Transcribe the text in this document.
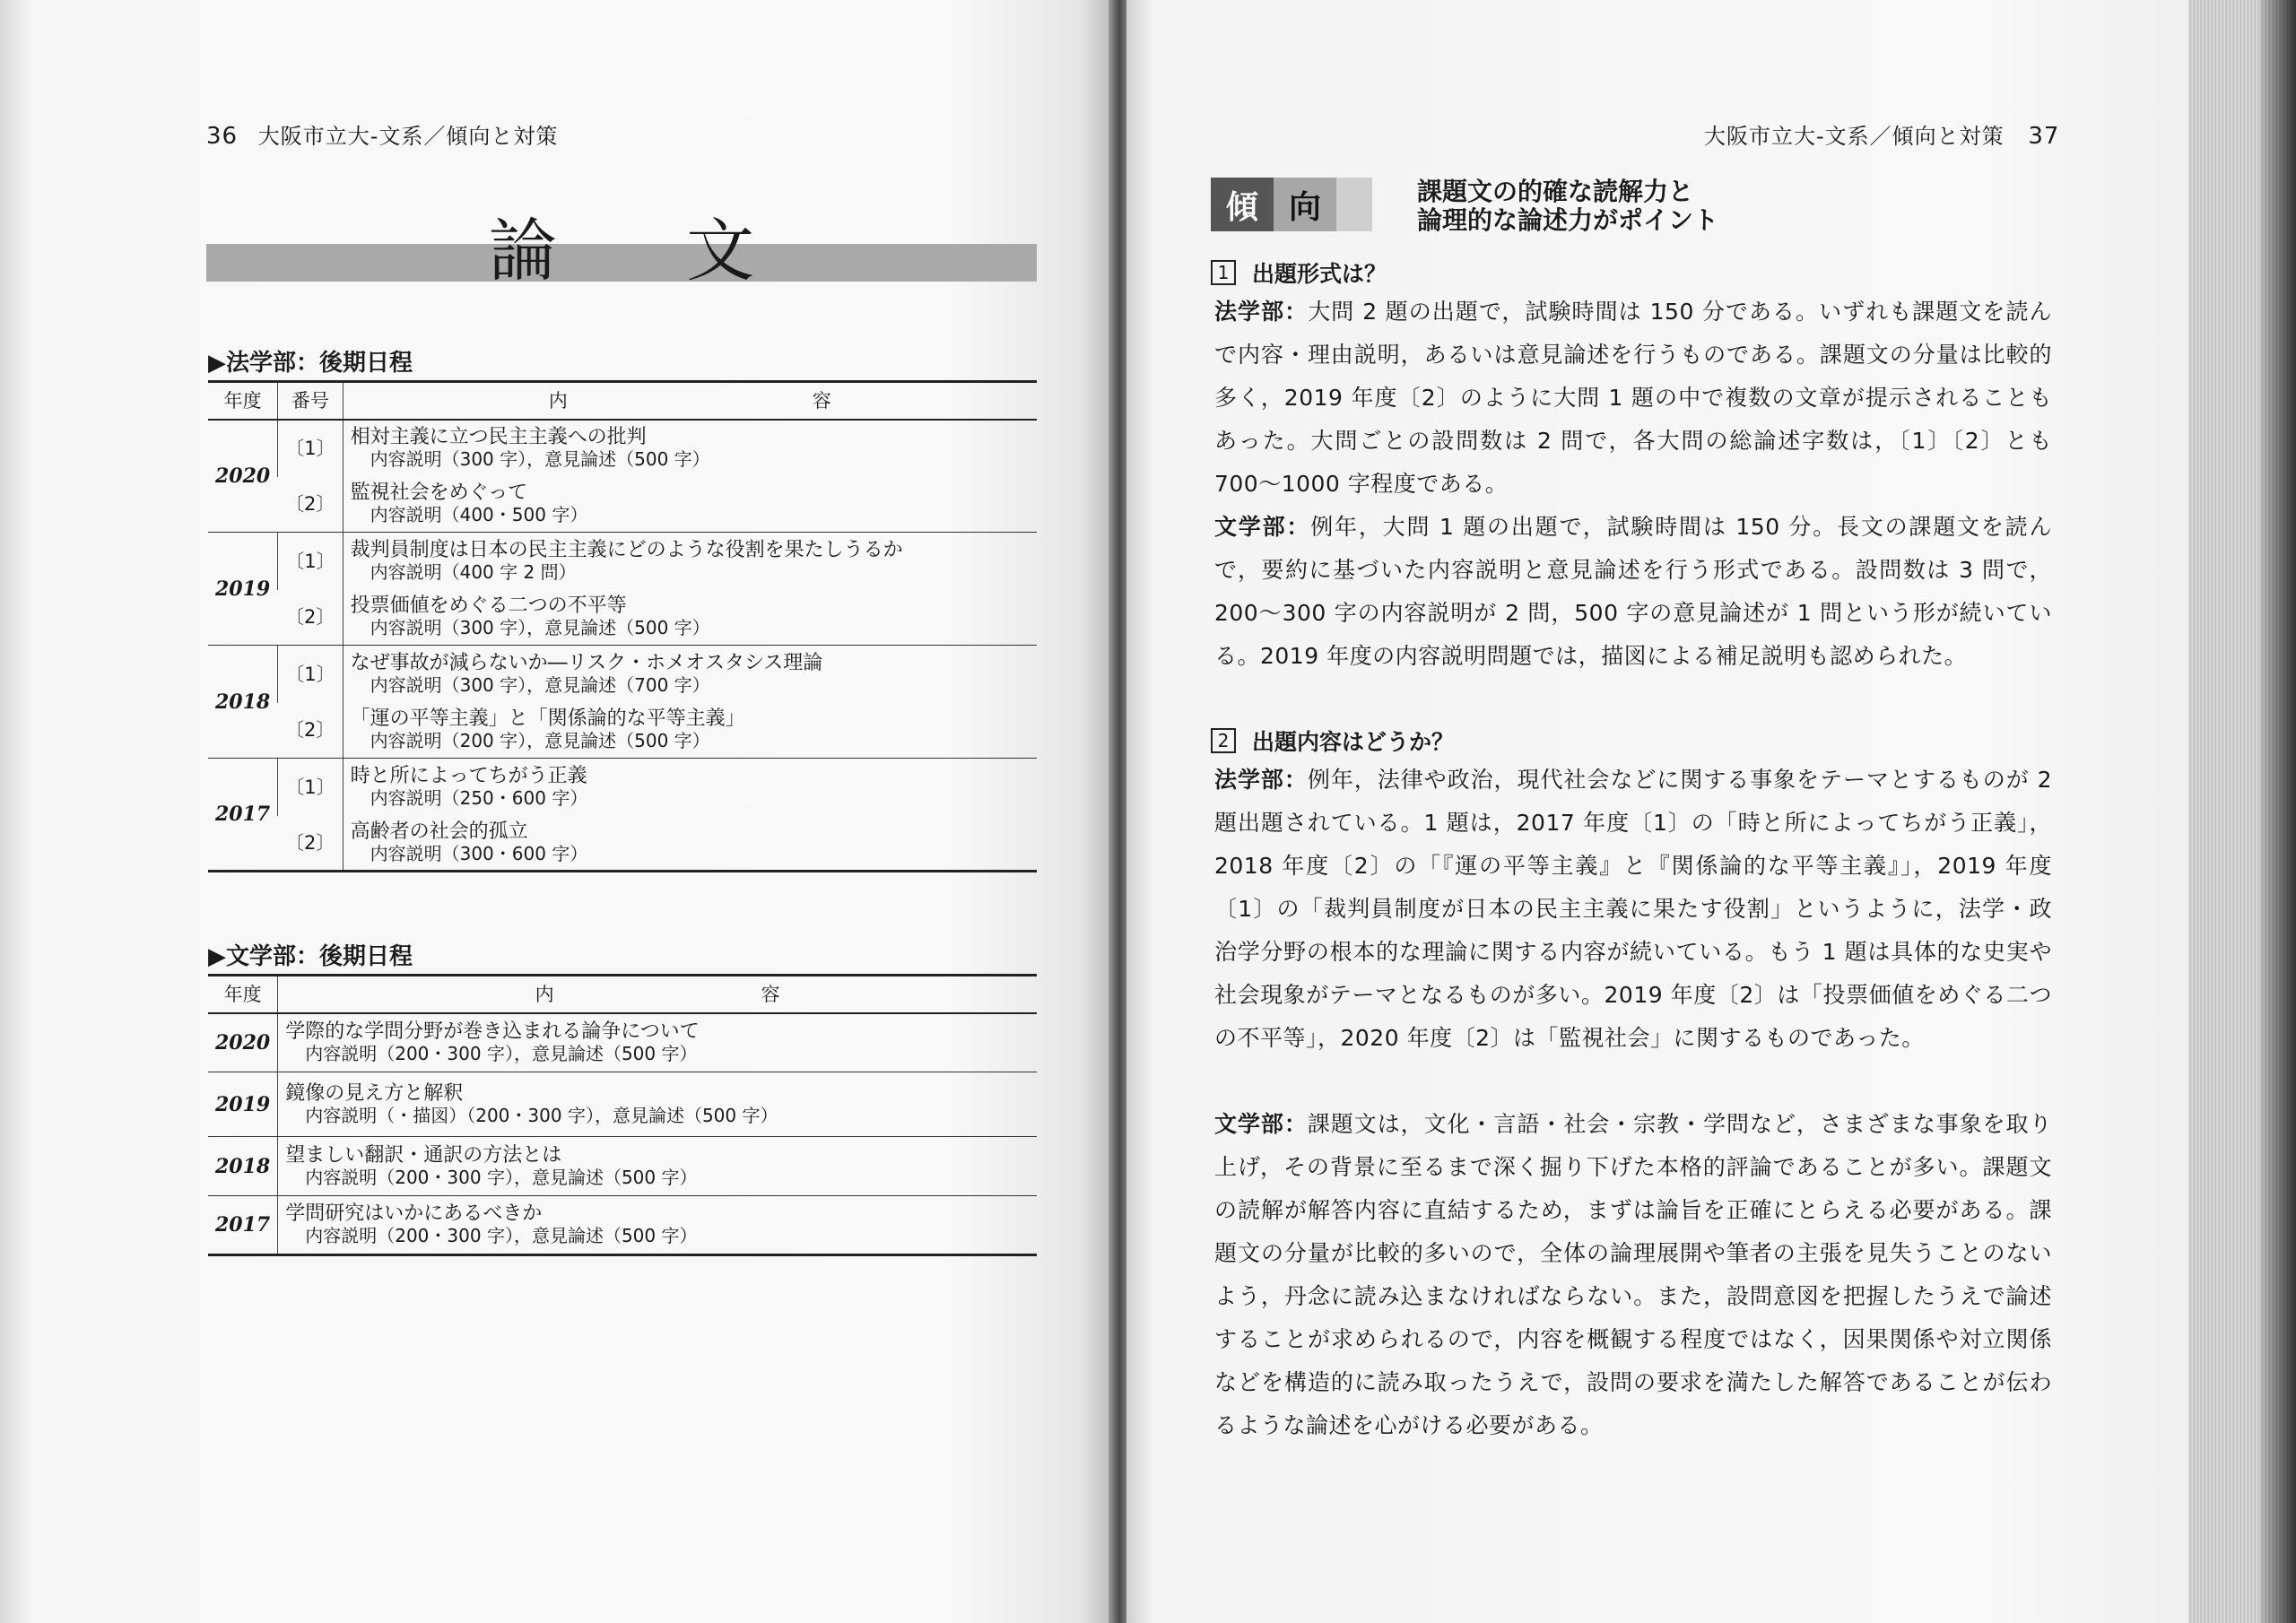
36 大阪市立大-文系／傾向と対策
論 文
▶法学部：後期日程
年度	番号	内　　　　　　　　　　　　　容
2020	〔1〕	相対主義に立つ民主主義への批判
内容説明（300 字），意見論述（500 字）

	〔2〕	監視社会をめぐって
内容説明（400・500 字）

2019	〔1〕	裁判員制度は日本の民主主義にどのような役割を果たしうるか
内容説明（400 字 2 問）

	〔2〕	投票価値をめぐる二つの不平等
内容説明（300 字），意見論述（500 字）

2018	〔1〕	なぜ事故が減らないか―リスク・ホメオスタシス理論
内容説明（300 字），意見論述（700 字）

	〔2〕	「運の平等主義」と「関係論的な平等主義」
内容説明（200 字），意見論述（500 字）

2017	〔1〕	時と所によってちがう正義
内容説明（250・600 字）

	〔2〕	高齢者の社会的孤立
内容説明（300・600 字）
▶文学部：後期日程
年度	内　　　　　　　　　　　容
2020	学際的な学問分野が巻き込まれる論争について
内容説明（200・300 字），意見論述（500 字）

2019	鏡像の見え方と解釈
内容説明（・描図）（200・300 字），意見論述（500 字）

2018	望ましい翻訳・通訳の方法とは
内容説明（200・300 字），意見論述（500 字）

2017	学問研究はいかにあるべきか
内容説明（200・300 字），意見論述（500 字）
大阪市立大-文系／傾向と対策 37
傾 向	課題文の的確な読解力と
論理的な論述力がポイント
1	出題形式は？
法学部：大問 2 題の出題で，試験時間は 150 分である。いずれも課題文を読んで内容・理由説明，あるいは意見論述を行うものである。課題文の分量は比較的多く，2019 年度〔2〕のように大問 1 題の中で複数の文章が提示されることもあった。大問ごとの設問数は 2 問で，各大問の総論述字数は，〔1〕〔2〕とも 700～1000 字程度である。
文学部：例年，大問 1 題の出題で，試験時間は 150 分。長文の課題文を読んで，要約に基づいた内容説明と意見論述を行う形式である。設問数は 3 問で，200～300 字の内容説明が 2 問，500 字の意見論述が 1 問という形が続いている。2019 年度の内容説明問題では，描図による補足説明も認められた。
2	出題内容はどうか？
法学部：例年，法律や政治，現代社会などに関する事象をテーマとするものが 2 題出題されている。1 題は，2017 年度〔1〕の「時と所によってちがう正義」，2018 年度〔2〕の「『運の平等主義』と『関係論的な平等主義』」，2019 年度〔1〕の「裁判員制度が日本の民主主義に果たす役割」というように，法学・政治学分野の根本的な理論に関する内容が続いている。もう 1 題は具体的な史実や社会現象がテーマとなるものが多い。2019 年度〔2〕は「投票価値をめぐる二つの不平等」，2020 年度〔2〕は「監視社会」に関するものであった。
文学部：課題文は，文化・言語・社会・宗教・学問など，さまざまな事象を取り上げ，その背景に至るまで深く掘り下げた本格的評論であることが多い。課題文の読解が解答内容に直結するため，まずは論旨を正確にとらえる必要がある。課題文の分量が比較的多いので，全体の論理展開や筆者の主張を見失うことのないよう，丹念に読み込まなければならない。また，設問意図を把握したうえで論述することが求められるので，内容を概観する程度ではなく，因果関係や対立関係などを構造的に読み取ったうえで，設問の要求を満たした解答であることが伝わるような論述を心がける必要がある。
